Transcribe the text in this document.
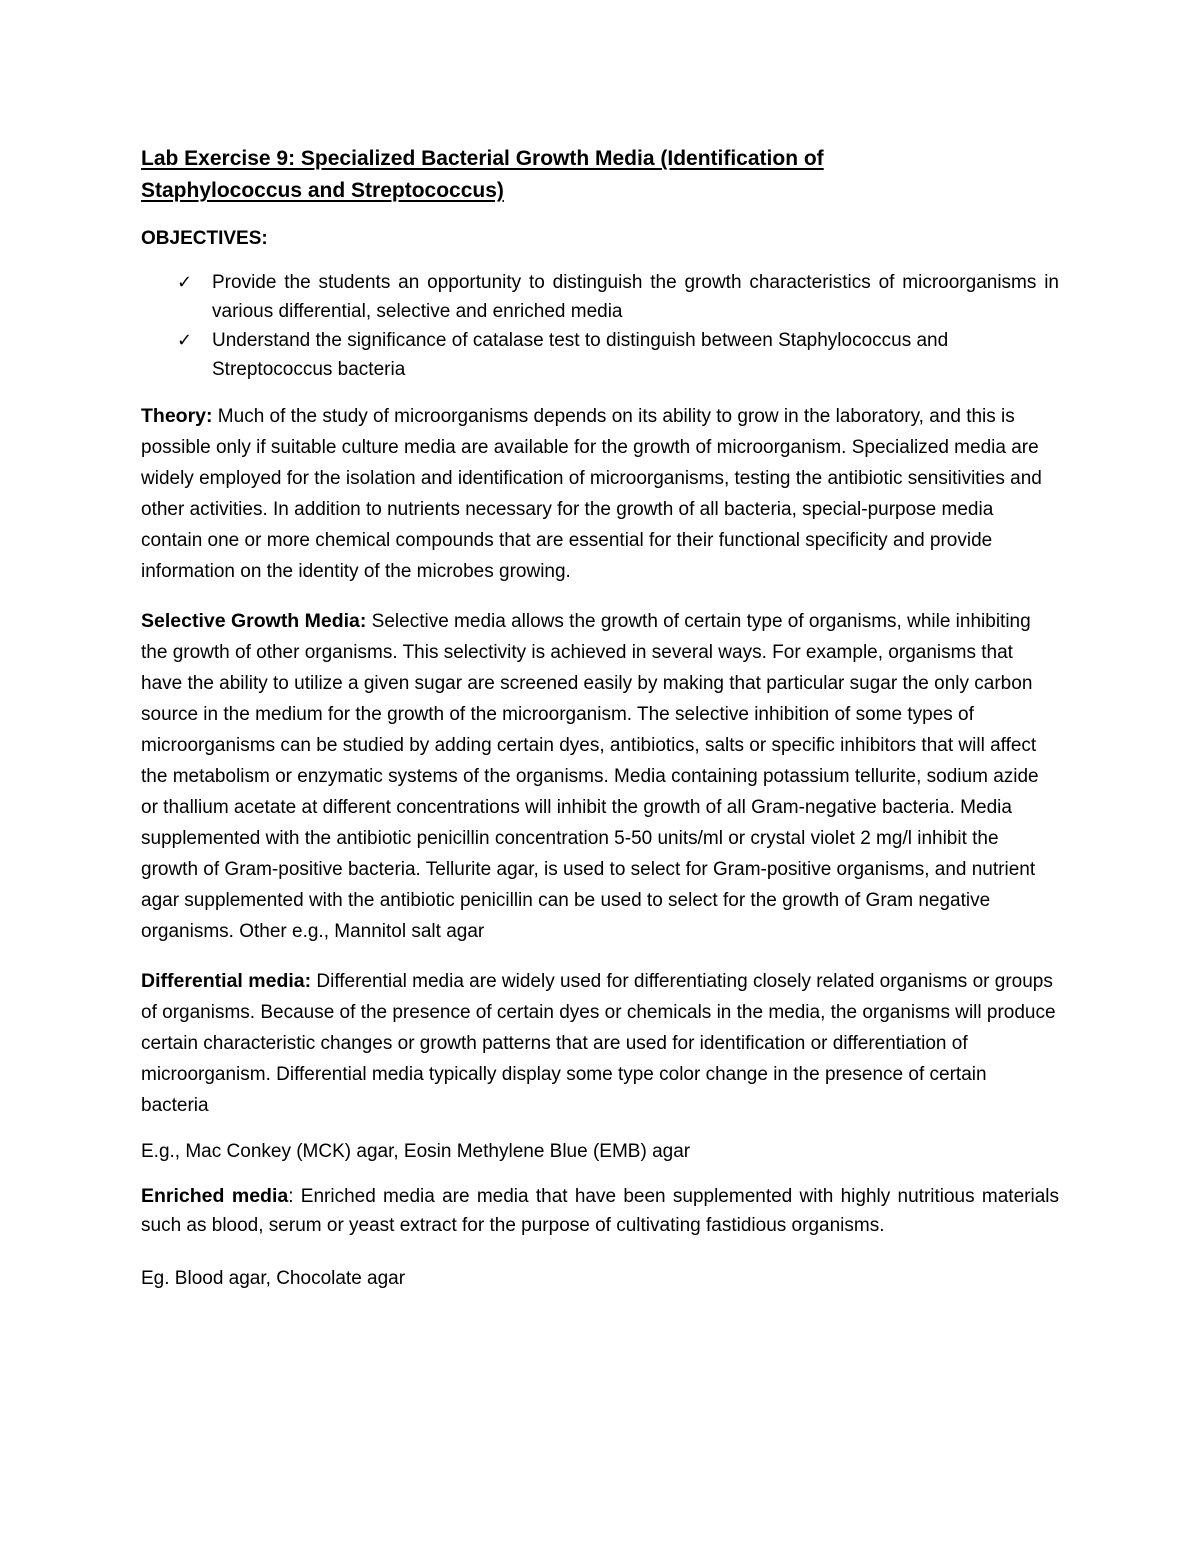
Lab Exercise 9: Specialized Bacterial Growth Media (Identification of
Staphylococcus and Streptococcus)
OBJECTIVES:
✓ Provide the students an opportunity to distinguish the growth characteristics of microorganisms in various differential, selective and enriched media
✓ Understand the significance of catalase test to distinguish between Staphylococcus and Streptococcus bacteria

Theory: Much of the study of microorganisms depends on its ability to grow in the laboratory, and this is possible only if suitable culture media are available for the growth of microorganism. Specialized media are widely employed for the isolation and identification of microorganisms, testing the antibiotic sensitivities and other activities. In addition to nutrients necessary for the growth of all bacteria, special-purpose media contain one or more chemical compounds that are essential for their functional specificity and provide information on the identity of the microbes growing.

Selective Growth Media: Selective media allows the growth of certain type of organisms, while inhibiting the growth of other organisms. This selectivity is achieved in several ways. For example, organisms that have the ability to utilize a given sugar are screened easily by making that particular sugar the only carbon source in the medium for the growth of the microorganism. The selective inhibition of some types of microorganisms can be studied by adding certain dyes, antibiotics, salts or specific inhibitors that will affect the metabolism or enzymatic systems of the organisms. Media containing potassium tellurite, sodium azide or thallium acetate at different concentrations will inhibit the growth of all Gram-negative bacteria. Media supplemented with the antibiotic penicillin concentration 5-50 units/ml or crystal violet 2 mg/l inhibit the growth of Gram-positive bacteria. Tellurite agar, is used to select for Gram-positive organisms, and nutrient agar supplemented with the antibiotic penicillin can be used to select for the growth of Gram negative organisms. Other e.g., Mannitol salt agar

Differential media: Differential media are widely used for differentiating closely related organisms or groups of organisms. Because of the presence of certain dyes or chemicals in the media, the organisms will produce certain characteristic changes or growth patterns that are used for identification or differentiation of microorganism. Differential media typically display some type color change in the presence of certain bacteria

E.g., Mac Conkey (MCK) agar, Eosin Methylene Blue (EMB) agar

Enriched media: Enriched media are media that have been supplemented with highly nutritious materials such as blood, serum or yeast extract for the purpose of cultivating fastidious organisms.

Eg. Blood agar, Chocolate agar
